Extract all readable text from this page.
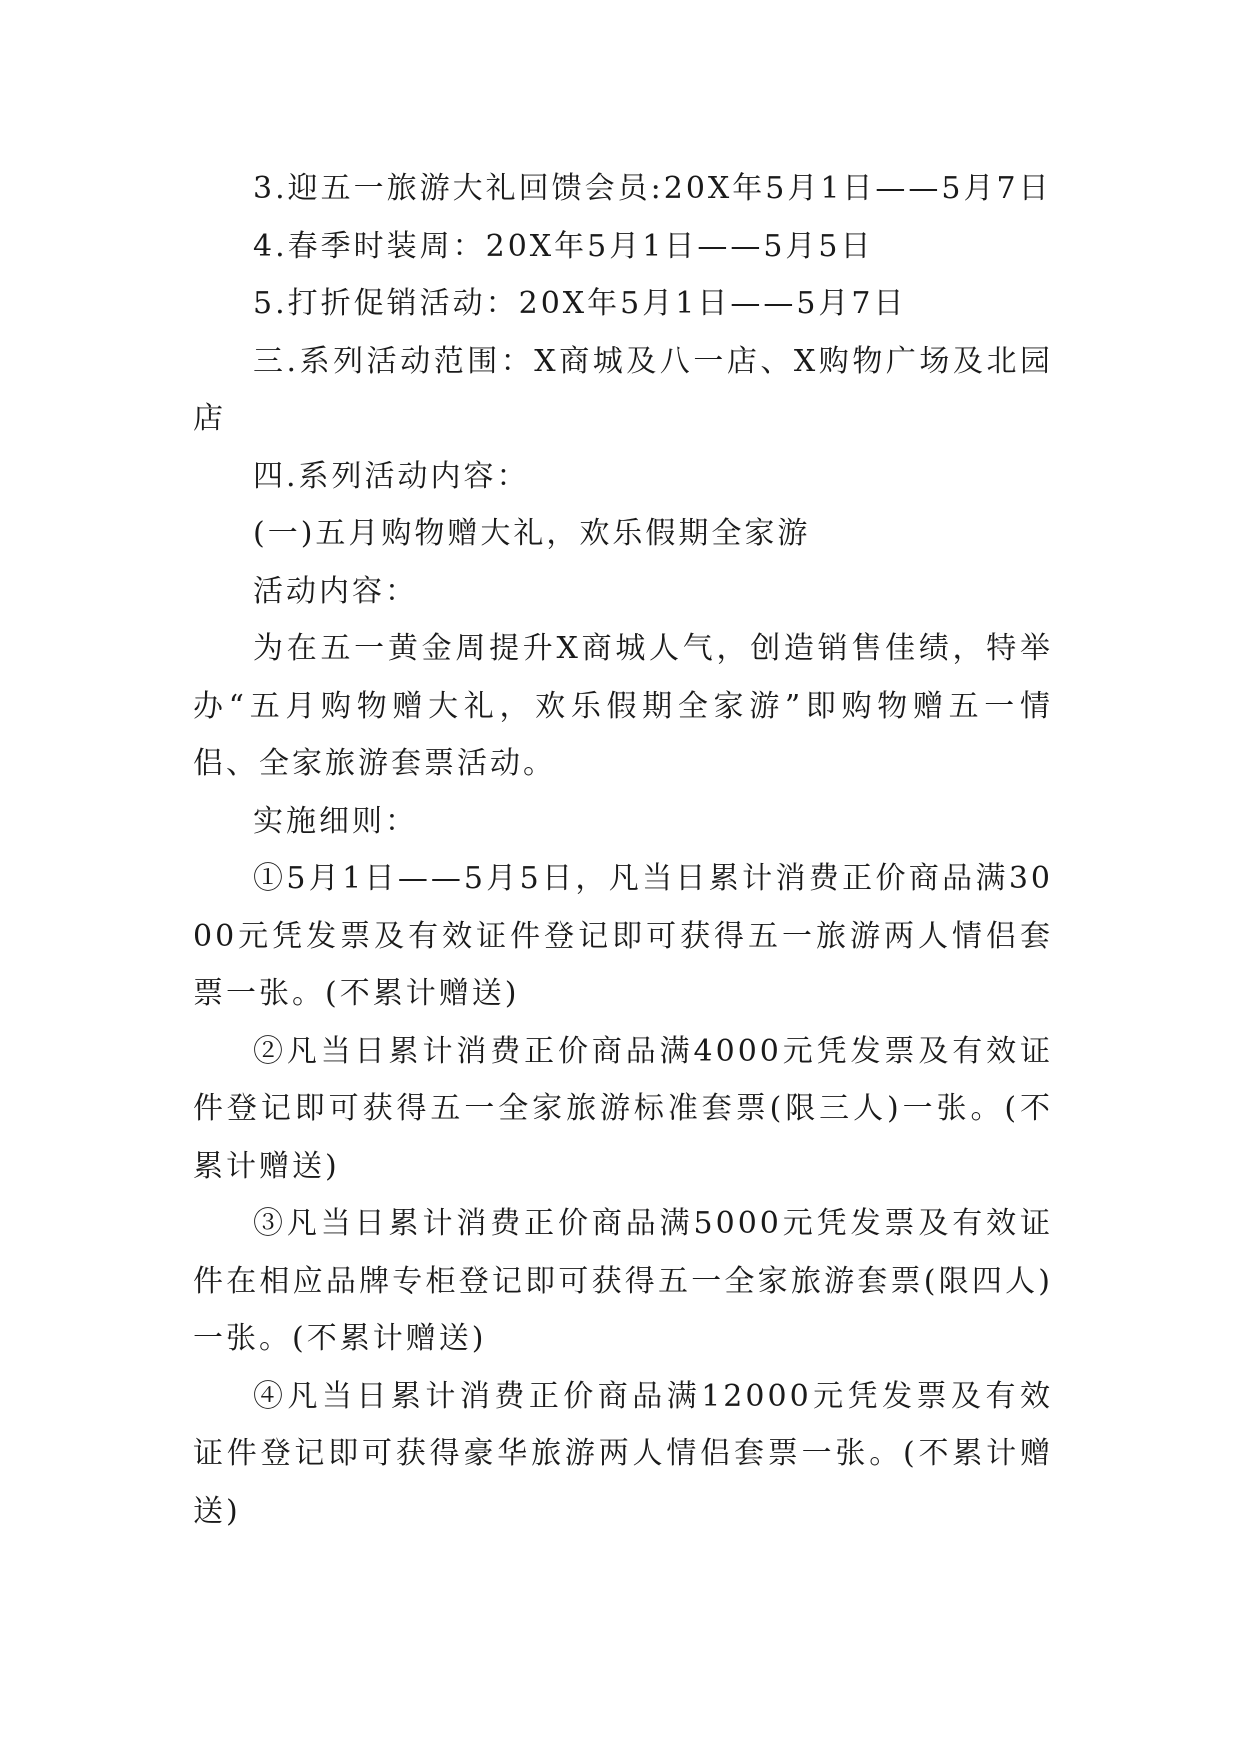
3.迎五一旅游大礼回馈会员:20X年5月1日——5月7日

4.春季时装周：20X年5月1日——5月5日

5.打折促销活动：20X年5月1日——5月7日

三.系列活动范围：X商城及八一店、X购物广场及北园店

四.系列活动内容：

(一)五月购物赠大礼，欢乐假期全家游

活动内容：

为在五一黄金周提升X商城人气，创造销售佳绩，特举办“五月购物赠大礼，欢乐假期全家游”即购物赠五一情侣、全家旅游套票活动。

实施细则：

①5月1日——5月5日，凡当日累计消费正价商品满3000元凭发票及有效证件登记即可获得五一旅游两人情侣套票一张。(不累计赠送)

②凡当日累计消费正价商品满4000元凭发票及有效证件登记即可获得五一全家旅游标准套票(限三人)一张。(不累计赠送)

③凡当日累计消费正价商品满5000元凭发票及有效证件在相应品牌专柜登记即可获得五一全家旅游套票(限四人)一张。(不累计赠送)

④凡当日累计消费正价商品满12000元凭发票及有效证件登记即可获得豪华旅游两人情侣套票一张。(不累计赠送)
